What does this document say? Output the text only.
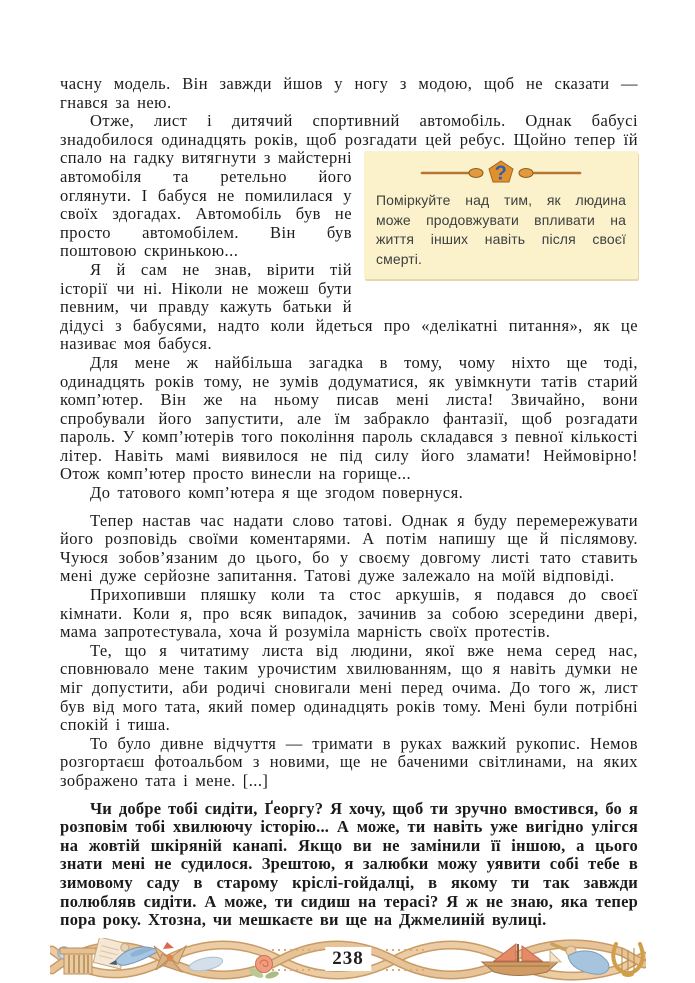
часну модель. Він завжди йшов у ногу з модою, щоб не сказати — гнався за нею.

Отже, лист і дитячий спортивний автомобіль. Однак бабусі знадобилося одинадцять років, щоб розгадати цей ребус. Щойно тепер їй
?
Поміркуйте над тим, як людина може продовжувати впливати на життя інших навіть після своєї смерті.
спало на гадку витягнути з майстерні автомобіля та ретельно його оглянути. І бабуся не помилилася у своїх здогадах. Автомобіль був не просто автомобілем. Він був поштовою скринькою...

Я й сам не знав, вірити тій історії чи ні. Ніколи не можеш бути певним, чи правду кажуть батьки й дідусі з бабусями, надто коли йдеться про «делікатні питання», як це називає моя бабуся.

Для мене ж найбільша загадка в тому, чому ніхто ще тоді, одинадцять років тому, не зумів додуматися, як увімкнути татів старий комп’ютер. Він же на ньому писав мені листа! Звичайно, вони спробували його запустити, але їм забракло фантазії, щоб розгадати пароль. У комп’ютерів того покоління пароль складався з певної кількості літер. Навіть мамі виявилося не під силу його зламати! Неймовірно! Отож комп’ютер просто винесли на горище...

До татового комп’ютера я ще згодом повернуся.

Тепер настав час надати слово татові. Однак я буду перемережувати його розповідь своїми коментарями. А потім напишу ще й післямову. Чуюся зобов’язаним до цього, бо у своєму довгому листі тато ставить мені дуже серйозне запитання. Татові дуже залежало на моїй відповіді.

Прихопивши пляшку коли та стос аркушів, я подався до своєї кімнати. Коли я, про всяк випадок, зачинив за собою зсередини двері, мама запротестувала, хоча й розуміла марність своїх протестів.

Те, що я читатиму листа від людини, якої вже нема серед нас, сповнювало мене таким урочистим хвилюванням, що я навіть думки не міг допустити, аби родичі сновигали мені перед очима. До того ж, лист був від мого тата, який помер одинадцять років тому. Мені були потрібні спокій і тиша.

То було дивне відчуття — тримати в руках важкий рукопис. Немов розгортаєш фотоальбом з новими, ще не баченими світлинами, на яких зображено тата і мене. [...]

Чи добре тобі сидіти, Ґеоргу? Я хочу, щоб ти зручно вмостився, бо я розповім тобі хвилюючу історію... А може, ти навіть уже вигідно улігся на жовтій шкіряній канапі. Якщо ви не замінили її іншою, а цього знати мені не судилося. Зрештою, я залюбки можу уявити собі тебе в зимовому саду в старому кріслі-гойдалці, в якому ти так завжди полюбляв сидіти. А може, ти сидиш на терасі? Я ж не знаю, яка тепер пора року. Хтозна, чи мешкаєте ви ще на Джмелиній вулиці.

238
